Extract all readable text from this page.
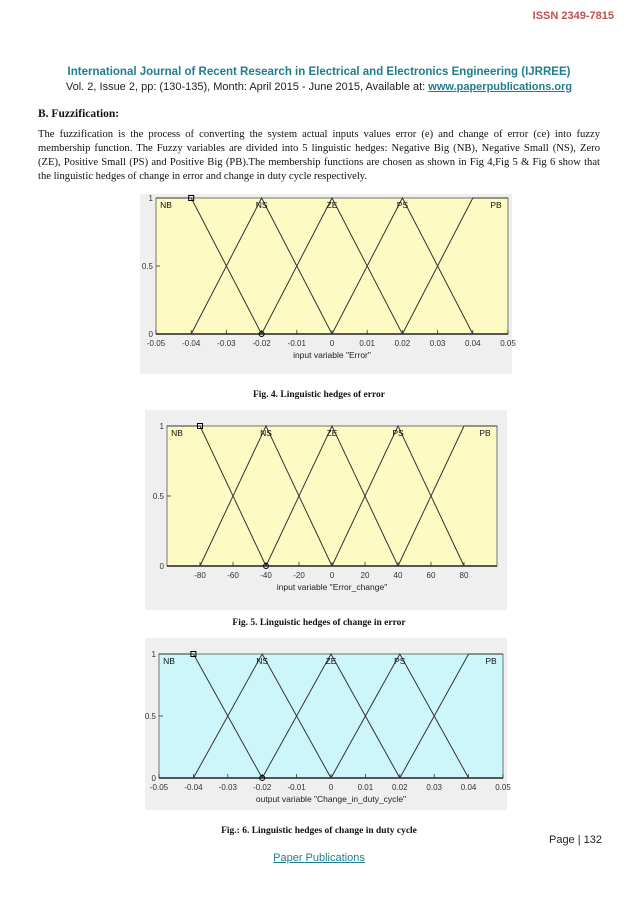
ISSN 2349-7815
International Journal of Recent Research in Electrical and Electronics Engineering (IJRREE)
Vol. 2, Issue 2, pp: (130-135), Month: April 2015 - June 2015, Available at: www.paperpublications.org
B. Fuzzification:
The fuzzification is the process of converting the system actual inputs values error (e) and change of error (ce) into fuzzy membership function. The Fuzzy variables are divided into 5 linguistic hedges: Negative Big (NB), Negative Small (NS), Zero (ZE), Positive Small (PS) and Positive Big (PB).The membership functions are chosen as shown in Fig 4,Fig 5 & Fig 6 show that the linguistic hedges of change in error and change in duty cycle respectively.
0
0.5
1
-0.05 -0.04 -0.03 -0.02 -0.01	0	0.01 0.02 0.03 0.04 0.05
input variable "Error"
NB	NS	ZE	PS	PB
Fig. 4. Linguistic hedges of error
0
0.5
1
-80	-60	-40	-20	0	20	40	60	80
input variable "Error_change"
NB	NS	ZE	PS	PB
Fig. 5. Linguistic hedges of change in error
0
0.5
1
-0.05 -0.04 -0.03 -0.02 -0.01	0	0.01 0.02 0.03 0.04 0.05
output variable "Change_in_duty_cycle"
NB	NS	ZE	PS	PB
Fig.: 6. Linguistic hedges of change in duty cycle
Page | 132
Paper Publications
